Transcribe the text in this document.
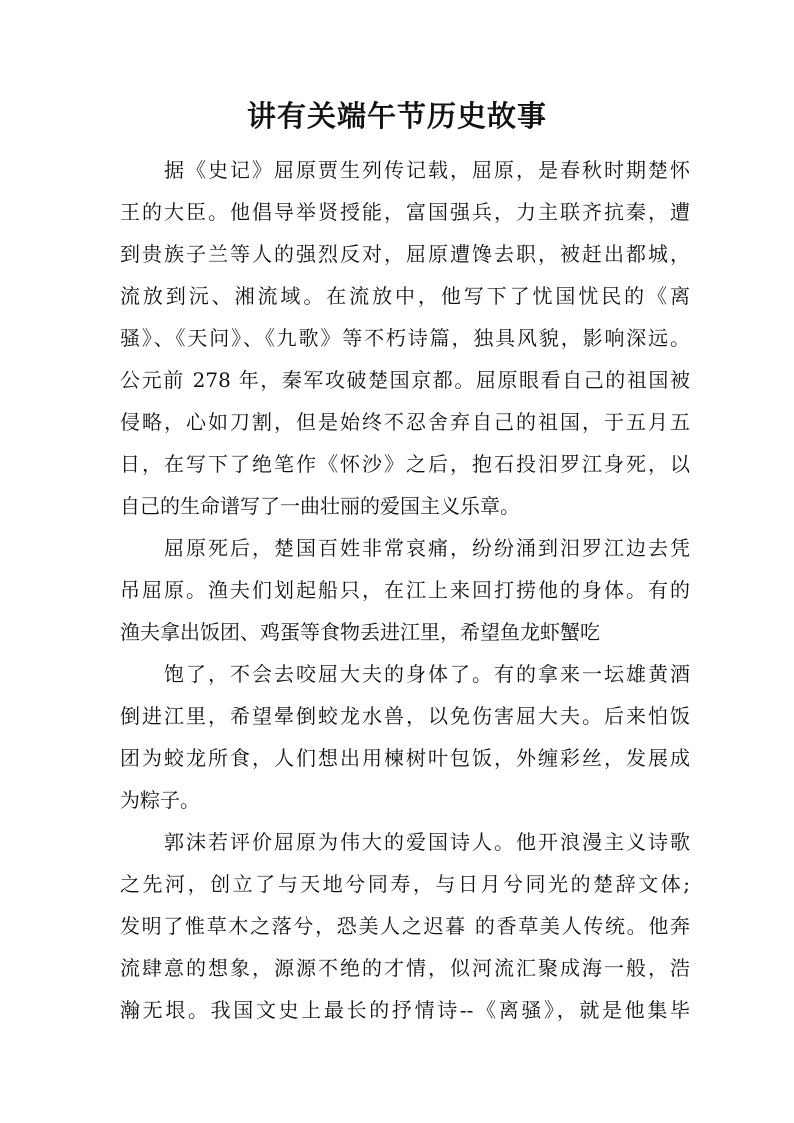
讲有关端午节历史故事
据《史记》屈原贾生列传记载，屈原，是春秋时期楚怀
王的大臣。他倡导举贤授能，富国强兵，力主联齐抗秦，遭
到贵族子兰等人的强烈反对，屈原遭馋去职，被赶出都城，
流放到沅、湘流域。在流放中，他写下了忧国忧民的《离
骚》、《天问》、《九歌》等不朽诗篇，独具风貌，影响深远。
公元前 278 年，秦军攻破楚国京都。屈原眼看自己的祖国被
侵略，心如刀割，但是始终不忍舍弃自己的祖国，于五月五
日，在写下了绝笔作《怀沙》之后，抱石投汨罗江身死，以
自己的生命谱写了一曲壮丽的爱国主义乐章。
屈原死后，楚国百姓非常哀痛，纷纷涌到汨罗江边去凭
吊屈原。渔夫们划起船只，在江上来回打捞他的身体。有的
渔夫拿出饭团、鸡蛋等食物丢进江里，希望鱼龙虾蟹吃
饱了，不会去咬屈大夫的身体了。有的拿来一坛雄黄酒
倒进江里，希望晕倒蛟龙水兽，以免伤害屈大夫。后来怕饭
团为蛟龙所食，人们想出用楝树叶包饭，外缠彩丝，发展成
为粽子。
郭沫若评价屈原为伟大的爱国诗人。他开浪漫主义诗歌
之先河，创立了与天地兮同寿，与日月兮同光的楚辞文体;
发明了惟草木之落兮，恐美人之迟暮 的香草美人传统。他奔
流肆意的想象，源源不绝的才情，似河流汇聚成海一般，浩
瀚无垠。我国文史上最长的抒情诗--《离骚》，就是他集毕
